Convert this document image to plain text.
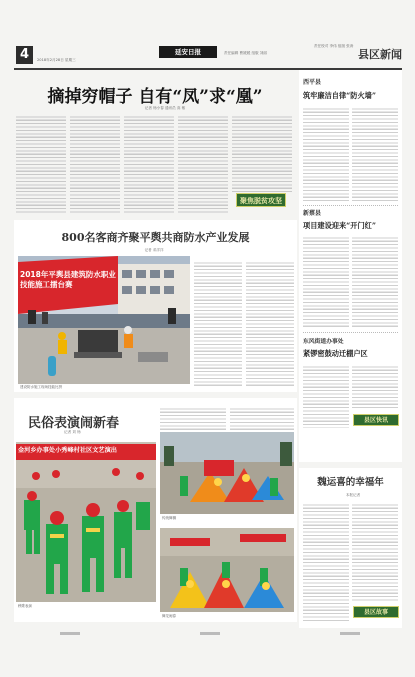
4	2018年2月28日 星期三
延安日报	责任编辑 曹媛媛 组版 刘丽
责任校对 李伟 组版 张涛
县区新闻
摘掉穷帽子 自有“凤”求“凰”
记者 杨小春 通讯员 高 敏
聚焦脱贫攻坚
800名客商齐聚平舆共商防水产业发展
记者 邓洋洋
2018年平舆县建筑防水职业技能施工擂台赛
建设防水施工现场技能比拼
西平县
筑牢廉洁自律“防火墙”
新蔡县
项目建设迎来“开门红”
东风街道办事处
紧锣密鼓动迁棚户区
县区快讯
民俗表演闹新春
记者 刘 杨
金河乡办事处小秀峰村社区文艺演出
秧歌表演
传统舞狮
舞龙闹春
魏运喜的幸福年
本报记者
县区故事
